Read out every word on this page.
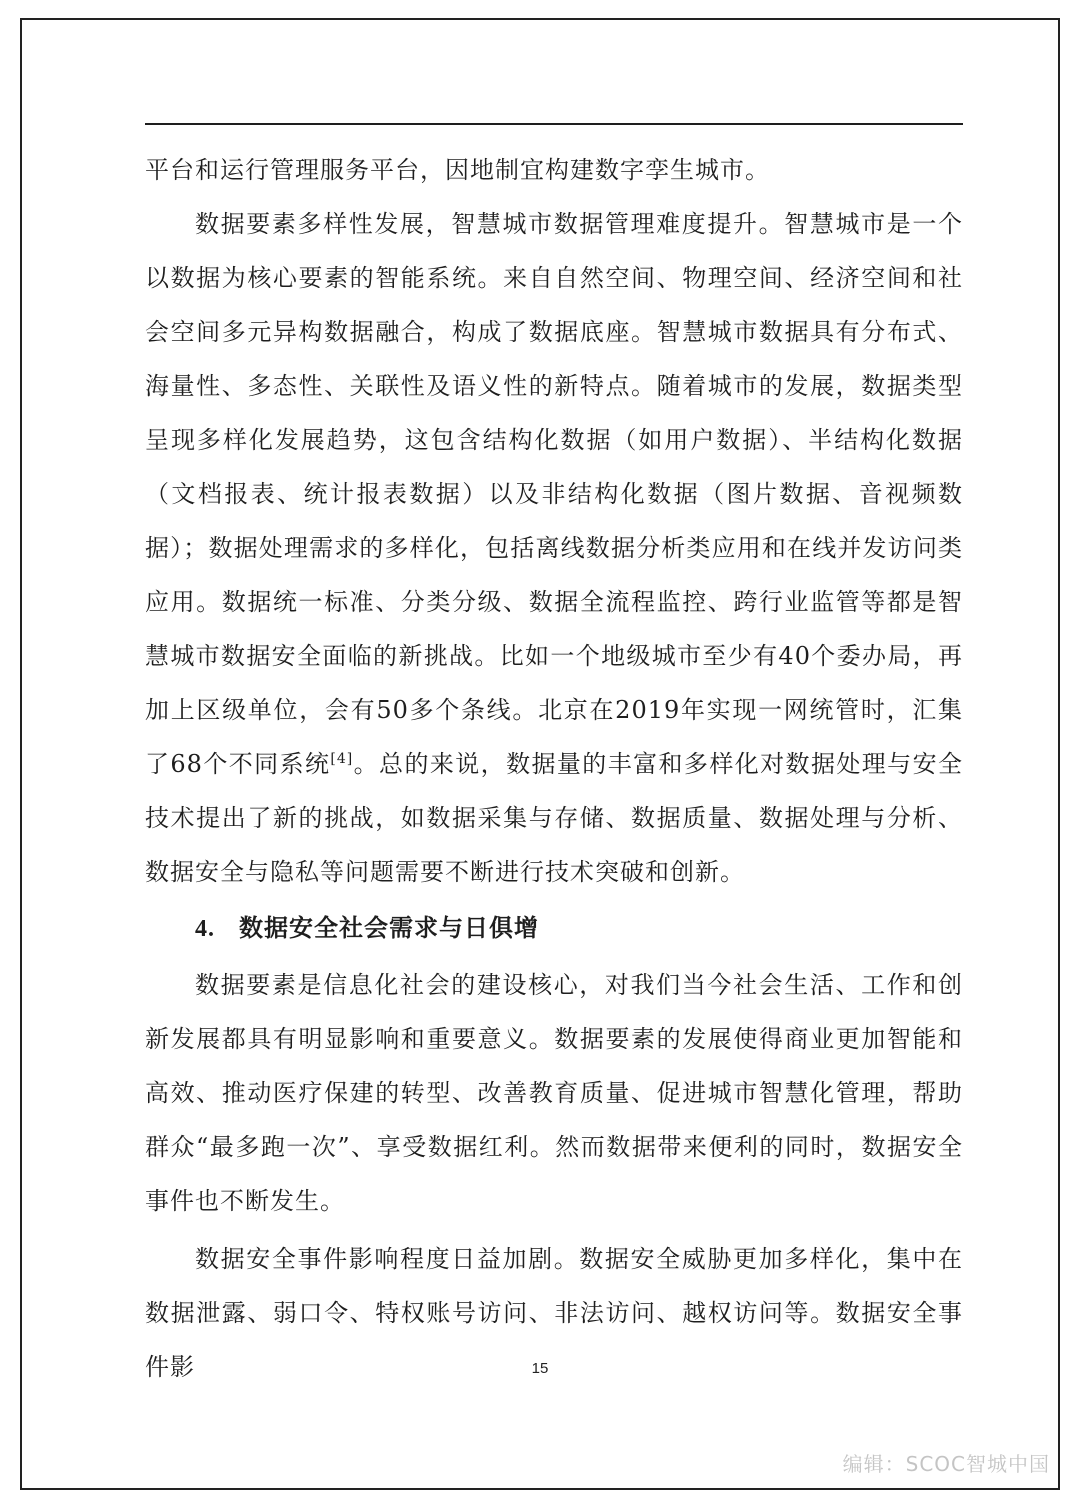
平台和运行管理服务平台，因地制宜构建数字孪生城市。

数据要素多样性发展，智慧城市数据管理难度提升。智慧城市是一个以数据为核心要素的智能系统。来自自然空间、物理空间、经济空间和社会空间多元异构数据融合，构成了数据底座。智慧城市数据具有分布式、海量性、多态性、关联性及语义性的新特点。随着城市的发展，数据类型呈现多样化发展趋势，这包含结构化数据（如用户数据）、半结构化数据（文档报表、统计报表数据）以及非结构化数据（图片数据、音视频数据）；数据处理需求的多样化，包括离线数据分析类应用和在线并发访问类应用。数据统一标准、分类分级、数据全流程监控、跨行业监管等都是智慧城市数据安全面临的新挑战。比如一个地级城市至少有40个委办局，再加上区级单位，会有50多个条线。北京在2019年实现一网统管时，汇集了68个不同系统[4]。总的来说，数据量的丰富和多样化对数据处理与安全技术提出了新的挑战，如数据采集与存储、数据质量、数据处理与分析、数据安全与隐私等问题需要不断进行技术突破和创新。

4. 数据安全社会需求与日俱增

数据要素是信息化社会的建设核心，对我们当今社会生活、工作和创新发展都具有明显影响和重要意义。数据要素的发展使得商业更加智能和高效、推动医疗保建的转型、改善教育质量、促进城市智慧化管理，帮助群众“最多跑一次”、享受数据红利。然而数据带来便利的同时，数据安全事件也不断发生。

数据安全事件影响程度日益加剧。数据安全威胁更加多样化，集中在数据泄露、弱口令、特权账号访问、非法访问、越权访问等。数据安全事件影	15
编辑：SCOC智城中国
